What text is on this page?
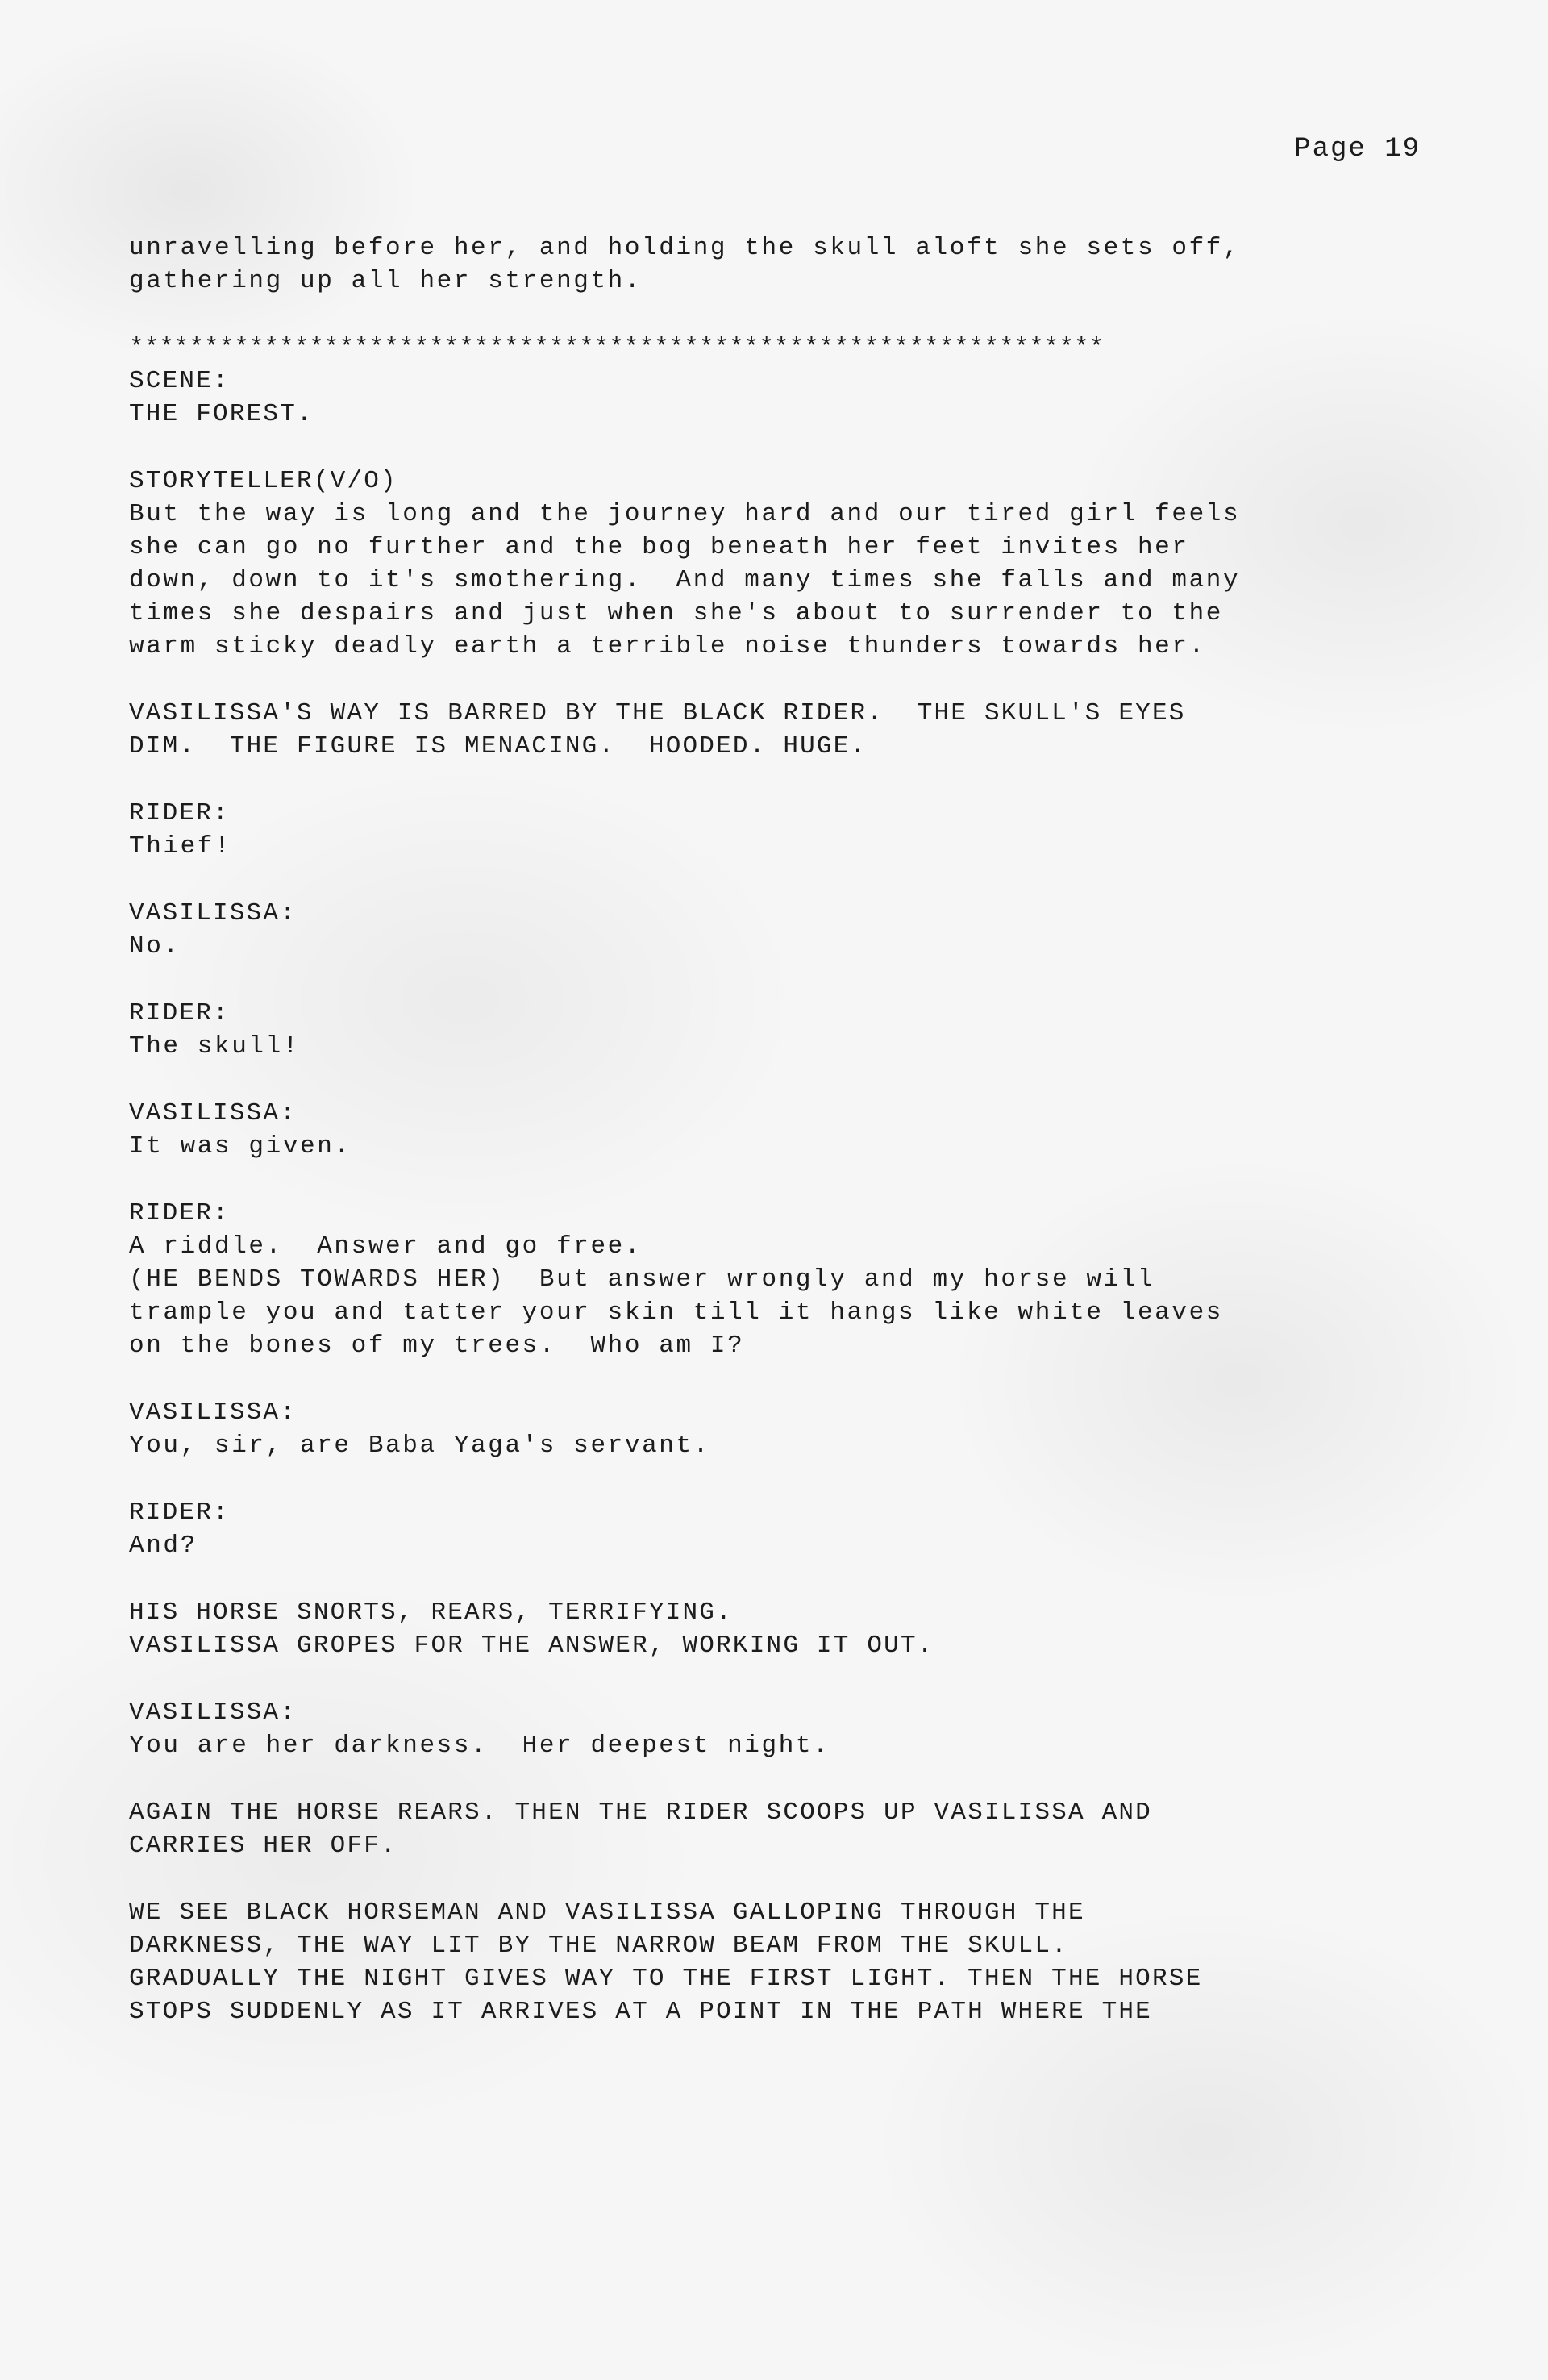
Page 19
unravelling before her, and holding the skull aloft she sets off,
gathering up all her strength.
*****************************************************************
SCENE:
THE FOREST.
STORYTELLER(V/O)
But the way is long and the journey hard and our tired girl feels
she can go no further and the bog beneath her feet invites her
down, down to it's smothering.  And many times she falls and many
times she despairs and just when she's about to surrender to the
warm sticky deadly earth a terrible noise thunders towards her.
VASILISSA'S WAY IS BARRED BY THE BLACK RIDER.  THE SKULL'S EYES
DIM.  THE FIGURE IS MENACING.  HOODED. HUGE.
RIDER:
Thief!
VASILISSA:
No.
RIDER:
The skull!
VASILISSA:
It was given.
RIDER:
A riddle.  Answer and go free.
(HE BENDS TOWARDS HER)  But answer wrongly and my horse will
trample you and tatter your skin till it hangs like white leaves
on the bones of my trees.  Who am I?
VASILISSA:
You, sir, are Baba Yaga's servant.
RIDER:
And?
HIS HORSE SNORTS, REARS, TERRIFYING.
VASILISSA GROPES FOR THE ANSWER, WORKING IT OUT.
VASILISSA:
You are her darkness.  Her deepest night.
AGAIN THE HORSE REARS. THEN THE RIDER SCOOPS UP VASILISSA AND
CARRIES HER OFF.
WE SEE BLACK HORSEMAN AND VASILISSA GALLOPING THROUGH THE
DARKNESS, THE WAY LIT BY THE NARROW BEAM FROM THE SKULL.
GRADUALLY THE NIGHT GIVES WAY TO THE FIRST LIGHT. THEN THE HORSE
STOPS SUDDENLY AS IT ARRIVES AT A POINT IN THE PATH WHERE THE
